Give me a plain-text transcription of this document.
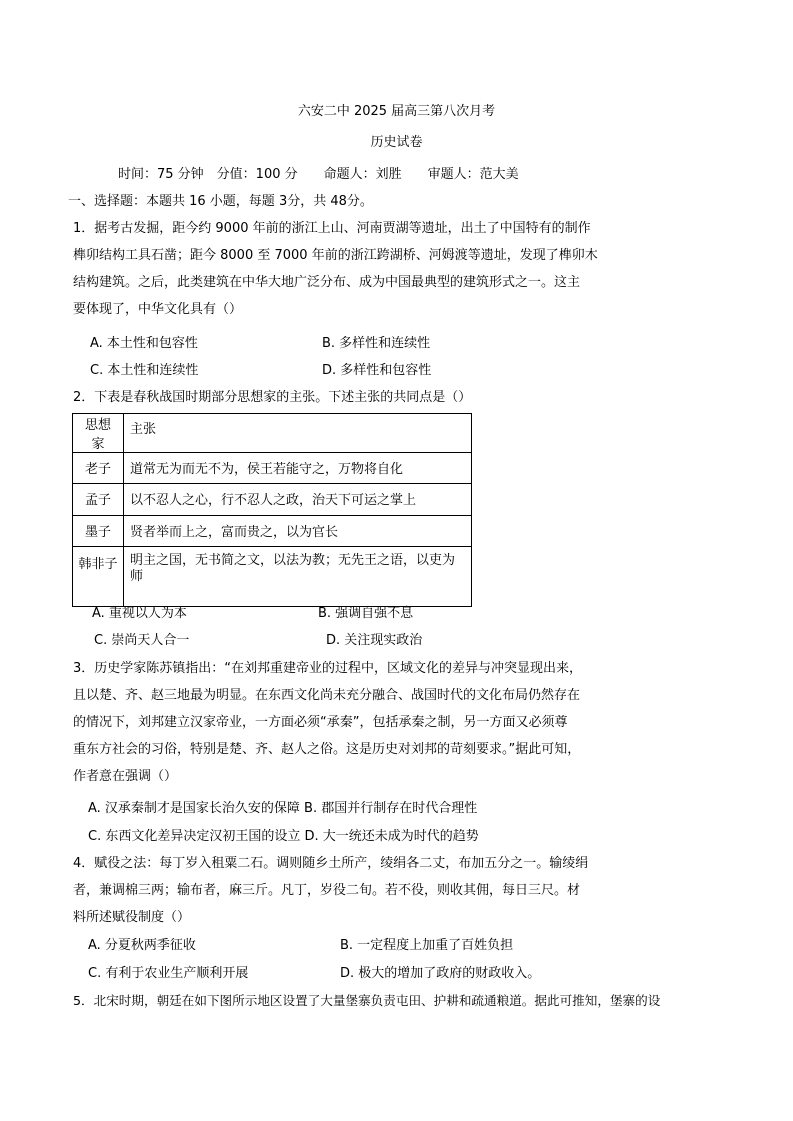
六安二中 2025 届高三第八次月考
历史试卷
时间：75 分钟　分值：100 分　　命题人：刘胜　　审题人：范大美
一、选择题：本题共 16 小题，每题 3分，共 48分。
1．据考古发掘，距今约 9000 年前的浙江上山、河南贾湖等遗址，出土了中国特有的制作
榫卯结构工具石凿；距今 8000 至 7000 年前的浙江跨湖桥、河姆渡等遗址，发现了榫卯木
结构建筑。之后，此类建筑在中华大地广泛分布、成为中国最典型的建筑形式之一。这主
要体现了，中华文化具有（）
A. 本土性和包容性	B. 多样性和连续性
C. 本土性和连续性	D. 多样性和包容性
2．下表是春秋战国时期部分思想家的主张。下述主张的共同点是（）
思想家	主张
老子	道常无为而无不为，侯王若能守之，万物将自化
孟子	以不忍人之心，行不忍人之政，治天下可运之掌上
墨子	贤者举而上之，富而贵之，以为官长
韩非子	明主之国，无书简之文，以法为教；无先王之语，以吏为师
A. 重视以人为本	B. 强调自强不息
C. 崇尚天人合一	D. 关注现实政治
3．历史学家陈苏镇指出：“在刘邦重建帝业的过程中，区域文化的差异与冲突显现出来，
且以楚、齐、赵三地最为明显。在东西文化尚未充分融合、战国时代的文化布局仍然存在
的情况下，刘邦建立汉家帝业，一方面必须“承秦”，包括承秦之制，另一方面又必须尊
重东方社会的习俗，特别是楚、齐、赵人之俗。这是历史对刘邦的苛刻要求。”据此可知，
作者意在强调（）
A. 汉承秦制才是国家长治久安的保障 B. 郡国并行制存在时代合理性
C. 东西文化差异决定汉初王国的设立 D. 大一统还未成为时代的趋势
4．赋役之法：每丁岁入租粟二石。调则随乡土所产，绫绢各二丈，布加五分之一。输绫绢
者，兼调棉三两；输布者，麻三斤。凡丁，岁役二旬。若不役，则收其佣，每日三尺。材
料所述赋役制度（）
A. 分夏秋两季征收	B. 一定程度上加重了百姓负担
C. 有利于农业生产顺利开展	D. 极大的增加了政府的财政收入。
5．北宋时期，朝廷在如下图所示地区设置了大量堡寨负责屯田、护耕和疏通粮道。据此可推知，堡寨的设
